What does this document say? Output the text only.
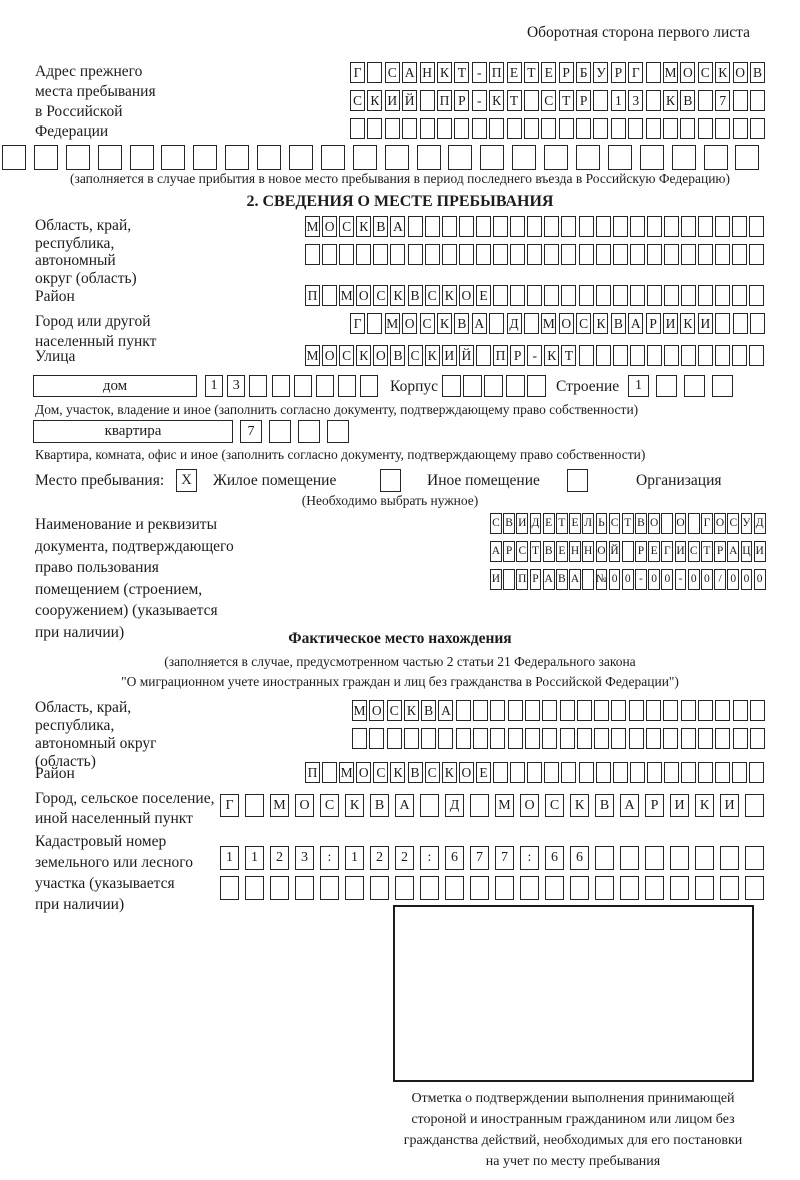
Оборотная сторона первого листа
Адрес прежнего
места пребывания
в Российской
Федерации
Г С А Н К Т - П Е Т Е Р Б У Р Г М О С К О В
С К И Й П Р - К Т С Т Р	1 3	К В	7
(заполняется в случае прибытия в новое место пребывания в период последнего въезда в Российскую Федерацию)
2. СВЕДЕНИЯ О МЕСТЕ ПРЕБЫВАНИЯ
Область, край,
республика,
автономный
округ (область)
М О С К В А
Район	П М О С К В С К О Е
Город или другой
населенный пункт
Г М О С К В А Д М О С К В А Р И К И
Улица	М О С К О В С К И Й П Р - К Т
дом	1	3	Корпус	Строение	1
Дом, участок, владение и иное (заполнить согласно документу, подтверждающему право собственности)
квартира	7
Квартира, комната, офис и иное (заполнить согласно документу, подтверждающему право собственности)
Место пребывания:	X	Жилое помещение	Иное помещение	Организация
(Необходимо выбрать нужное)
Наименование и реквизиты
документа, подтверждающего
право пользования
помещением (строением,
сооружением) (указывается
при наличии)
С В И Д Е Т Е Л Ь С Т В О О Г О С У Д
А Р С Т В Е Н Н О Й Р Е Г И С Т Р А Ц И
И П Р А В А № 0 0 - 0 0 - 0 0 / 0 0 0
Фактическое место нахождения
(заполняется в случае, предусмотренном частью 2 статьи 21 Федерального закона
"О миграционном учете иностранных граждан и лиц без гражданства в Российской Федерации")
Область, край,
республика,
автономный округ
(область)
М О С К В А
Район	П М О С К В С К О Е
Город, сельское поселение,
иной населенный пункт
Г	М О	С	К	В	А	Д	М О	С	К	В	А	Р	И	К	И
Кадастровый номер
земельного или лесного
участка (указывается
при наличии)
1	1	2	3	:	1	2	2	:	6	7	7	:	6	6
Отметка о подтверждении выполнения принимающей
стороной и иностранным гражданином или лицом без
гражданства действий, необходимых для его постановки
на учет по месту пребывания
